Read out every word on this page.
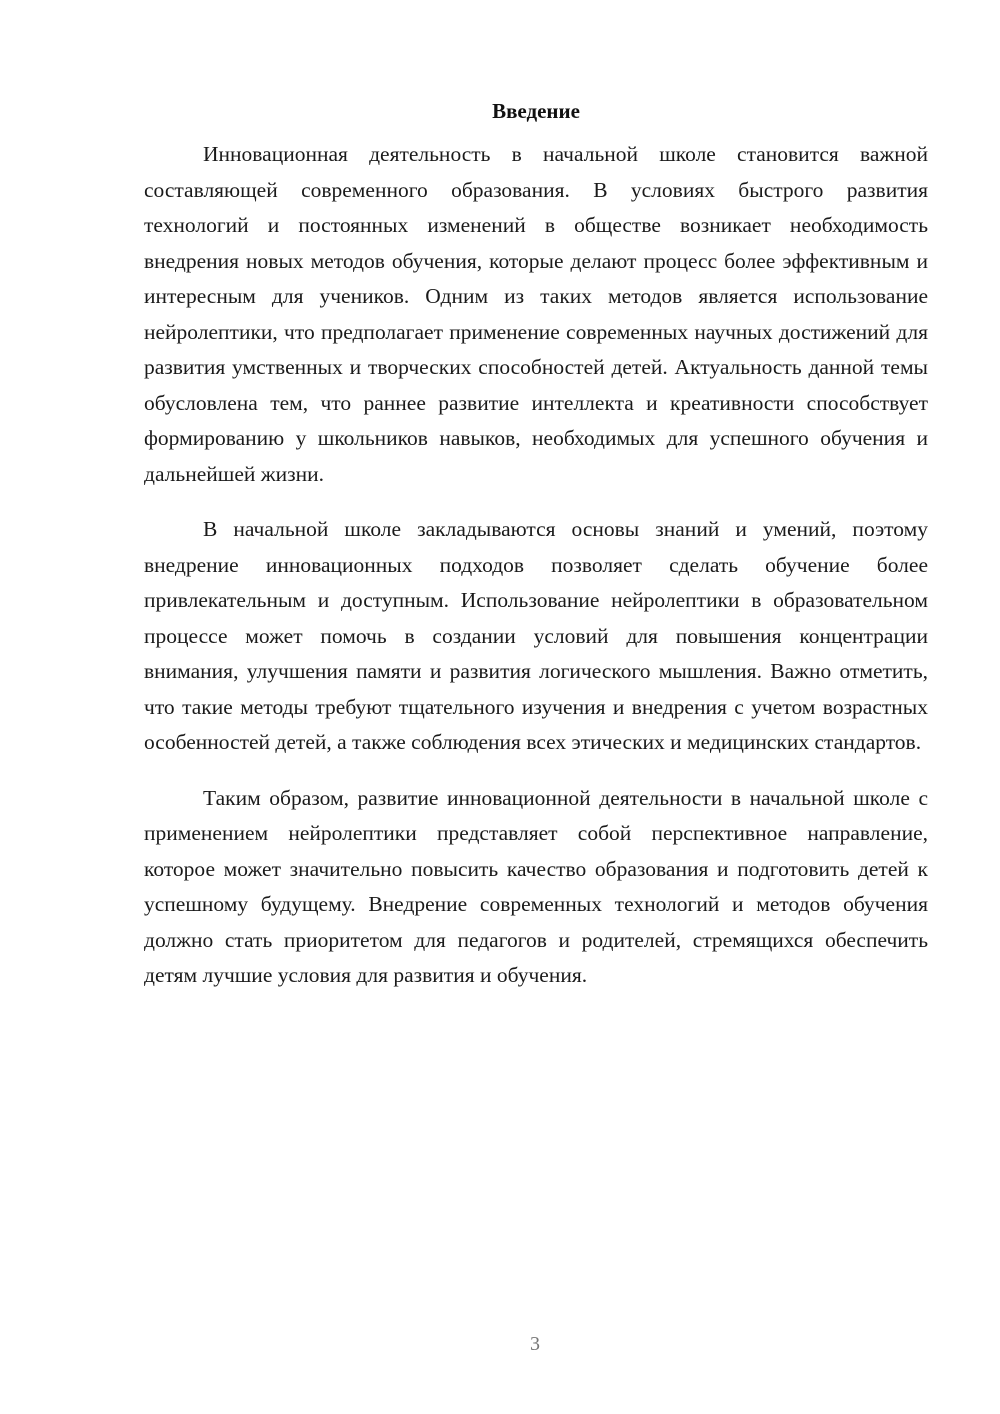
Введение

Инновационная деятельность в начальной школе становится важной составляющей современного образования. В условиях быстрого развития технологий и постоянных изменений в обществе возникает необходимость внедрения новых методов обучения, которые делают процесс более эффективным и интересным для учеников. Одним из таких методов является использование нейролептики, что предполагает применение современных научных достижений для развития умственных и творческих способностей детей. Актуальность данной темы обусловлена тем, что раннее развитие интеллекта и креативности способствует формированию у школьников навыков, необходимых для успешного обучения и дальнейшей жизни.

В начальной школе закладываются основы знаний и умений, поэтому внедрение инновационных подходов позволяет сделать обучение более привлекательным и доступным. Использование нейролептики в образовательном процессе может помочь в создании условий для повышения концентрации внимания, улучшения памяти и развития логического мышления. Важно отметить, что такие методы требуют тщательного изучения и внедрения с учетом возрастных особенностей детей, а также соблюдения всех этических и медицинских стандартов.

Таким образом, развитие инновационной деятельности в начальной школе с применением нейролептики представляет собой перспективное направление, которое может значительно повысить качество образования и подготовить детей к успешному будущему. Внедрение современных технологий и методов обучения должно стать приоритетом для педагогов и родителей, стремящихся обеспечить детям лучшие условия для развития и обучения.

3
